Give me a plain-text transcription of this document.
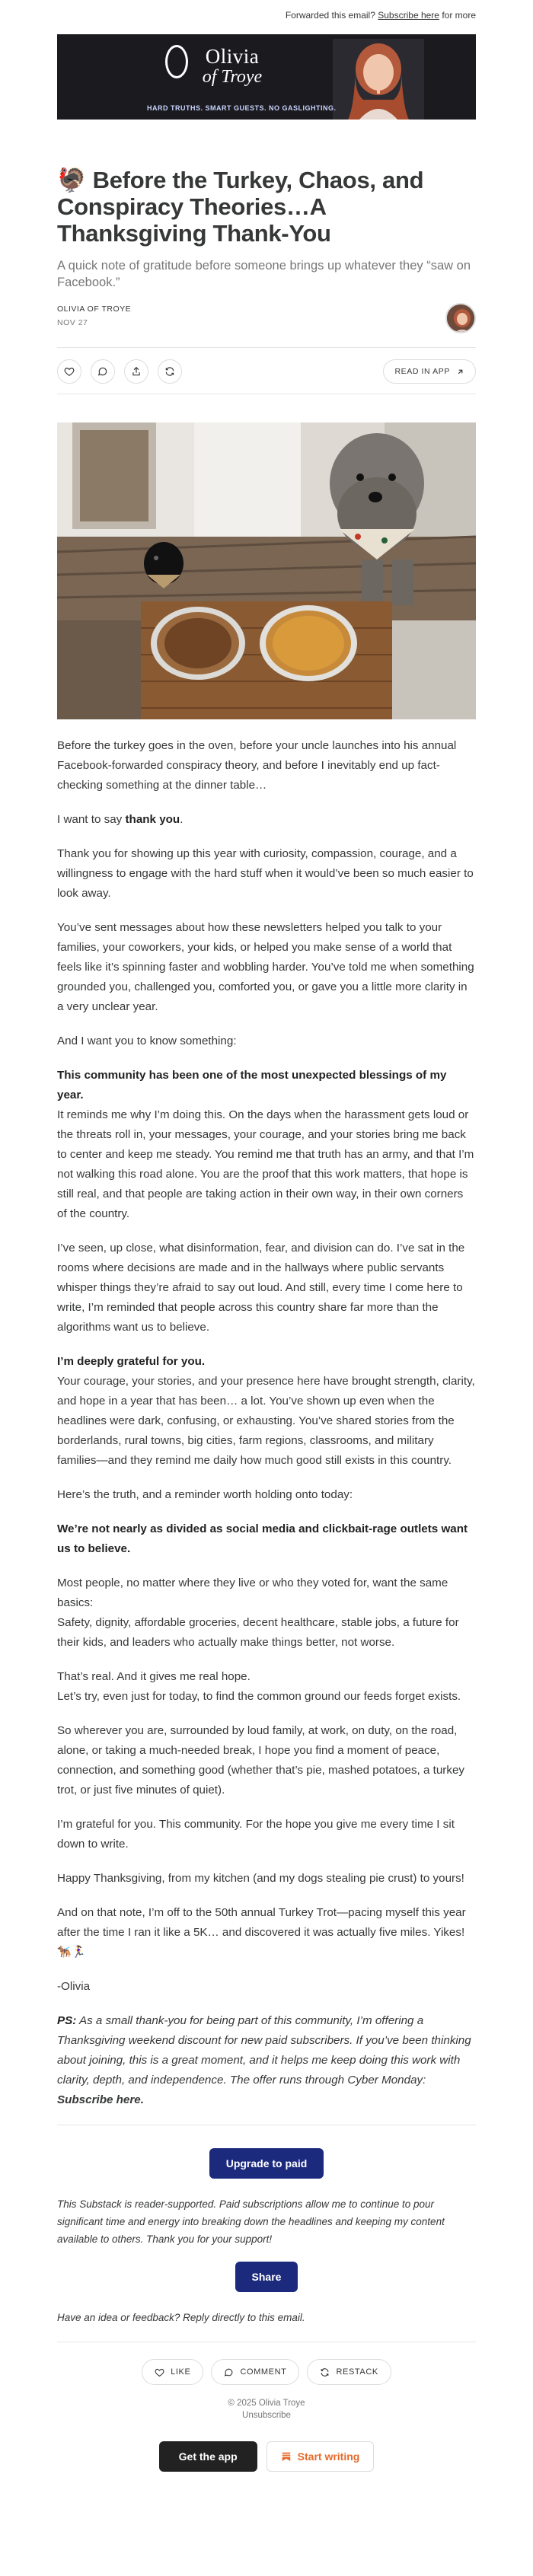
Forwarded this email? Subscribe here for more
Olivia
of Troye
HARD TRUTHS. SMART GUESTS. NO GASLIGHTING.
🦃 Before the Turkey, Chaos, and Conspiracy Theories…A Thanksgiving Thank-You
A quick note of gratitude before someone brings up whatever they “saw on Facebook.”
OLIVIA OF TROYE
NOV 27
READ IN APP

Before the turkey goes in the oven, before your uncle launches into his annual Facebook-forwarded conspiracy theory, and before I inevitably end up fact-checking something at the dinner table…

I want to say thank you.

Thank you for showing up this year with curiosity, compassion, courage, and a willingness to engage with the hard stuff when it would’ve been so much easier to look away.

You’ve sent messages about how these newsletters helped you talk to your families, your coworkers, your kids, or helped you make sense of a world that feels like it’s spinning faster and wobbling harder. You’ve told me when something grounded you, challenged you, comforted you, or gave you a little more clarity in a very unclear year.

And I want you to know something:

This community has been one of the most unexpected blessings of my year.
It reminds me why I’m doing this. On the days when the harassment gets loud or the threats roll in, your messages, your courage, and your stories bring me back to center and keep me steady. You remind me that truth has an army, and that I’m not walking this road alone. You are the proof that this work matters, that hope is still real, and that people are taking action in their own way, in their own corners of the country.

I’ve seen, up close, what disinformation, fear, and division can do. I’ve sat in the rooms where decisions are made and in the hallways where public servants whisper things they’re afraid to say out loud. And still, every time I come here to write, I’m reminded that people across this country share far more than the algorithms want us to believe.

I’m deeply grateful for you.
Your courage, your stories, and your presence here have brought strength, clarity, and hope in a year that has been… a lot. You’ve shown up even when the headlines were dark, confusing, or exhausting. You’ve shared stories from the borderlands, rural towns, big cities, farm regions, classrooms, and military families—and they remind me daily how much good still exists in this country.

Here’s the truth, and a reminder worth holding onto today:

We’re not nearly as divided as social media and clickbait-rage outlets want us to believe.

Most people, no matter where they live or who they voted for, want the same basics:
Safety, dignity, affordable groceries, decent healthcare, stable jobs, a future for their kids, and leaders who actually make things better, not worse.

That’s real. And it gives me real hope.
Let’s try, even just for today, to find the common ground our feeds forget exists.

So wherever you are, surrounded by loud family, at work, on duty, on the road, alone, or taking a much-needed break, I hope you find a moment of peace, connection, and something good (whether that’s pie, mashed potatoes, a turkey trot, or just five minutes of quiet).

I’m grateful for you. This community. For the hope you give me every time I sit down to write.

Happy Thanksgiving, from my kitchen (and my dogs stealing pie crust) to yours!

And on that note, I’m off to the 50th annual Turkey Trot—pacing myself this year after the time I ran it like a 5K… and discovered it was actually five miles. Yikes! 🐕‍🦺🏃‍♀️

-Olivia

PS: As a small thank-you for being part of this community, I’m offering a Thanksgiving weekend discount for new paid subscribers. If you’ve been thinking about joining, this is a great moment, and it helps me keep doing this work with clarity, depth, and independence. The offer runs through Cyber Monday: Subscribe here.

Upgrade to paid

This Substack is reader-supported. Paid subscriptions allow me to continue to pour significant time and energy into breaking down the headlines and keeping my content available to others. Thank you for your support!

Share

Have an idea or feedback? Reply directly to this email.

LIKE	COMMENT	RESTACK
© 2025 Olivia Troye
Unsubscribe
Get the app	Start writing
